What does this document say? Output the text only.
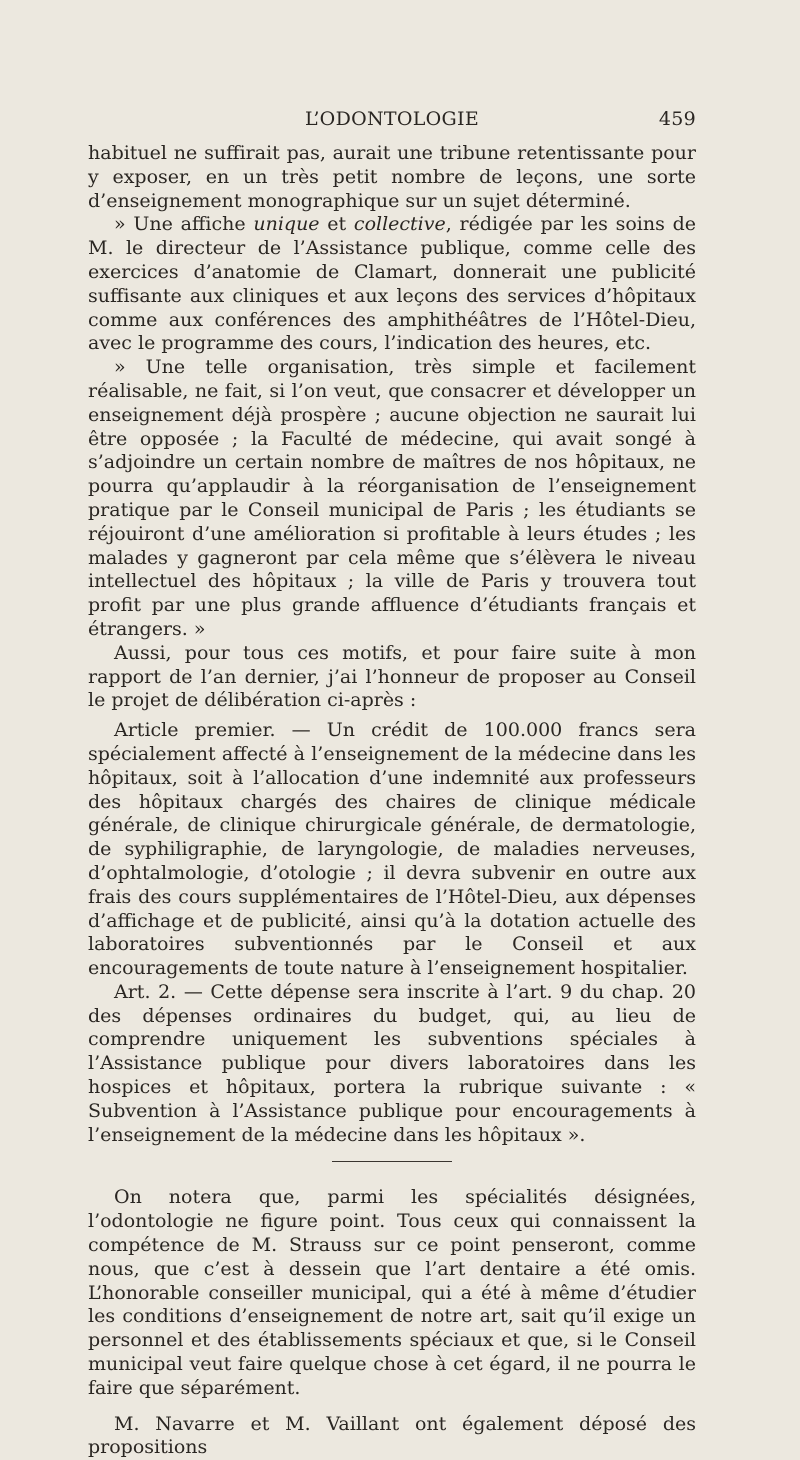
L’ODONTOLOGIE	459

habituel ne suffirait pas, aurait une tribune retentissante pour y exposer, en un très petit nombre de leçons, une sorte d’enseignement monographique sur un sujet déterminé.

» Une affiche unique et collective, rédigée par les soins de M. le directeur de l’Assistance publique, comme celle des exercices d’anatomie de Clamart, donnerait une publicité suffisante aux cliniques et aux leçons des services d’hôpitaux comme aux conférences des amphithéâtres de l’Hôtel-Dieu, avec le programme des cours, l’indication des heures, etc.

» Une telle organisation, très simple et facilement réalisable, ne fait, si l’on veut, que consacrer et développer un enseignement déjà prospère ; aucune objection ne saurait lui être opposée ; la Faculté de médecine, qui avait songé à s’adjoindre un certain nombre de maîtres de nos hôpitaux, ne pourra qu’applaudir à la réorganisation de l’enseignement pratique par le Conseil municipal de Paris ; les étudiants se réjouiront d’une amélioration si profitable à leurs études ; les malades y gagneront par cela même que s’élèvera le niveau intellectuel des hôpitaux ; la ville de Paris y trouvera tout profit par une plus grande affluence d’étudiants français et étrangers. »

Aussi, pour tous ces motifs, et pour faire suite à mon rapport de l’an dernier, j’ai l’honneur de proposer au Conseil le projet de délibération ci-après :

Article premier. — Un crédit de 100.000 francs sera spécialement affecté à l’enseignement de la médecine dans les hôpitaux, soit à l’allocation d’une indemnité aux professeurs des hôpitaux chargés des chaires de clinique médicale générale, de clinique chirurgicale générale, de dermatologie, de syphiligraphie, de laryngologie, de maladies nerveuses, d’ophtalmologie, d’otologie ; il devra subvenir en outre aux frais des cours supplémentaires de l’Hôtel-Dieu, aux dépenses d’affichage et de publicité, ainsi qu’à la dotation actuelle des laboratoires subventionnés par le Conseil et aux encouragements de toute nature à l’enseignement hospitalier.

Art. 2. — Cette dépense sera inscrite à l’art. 9 du chap. 20 des dépenses ordinaires du budget, qui, au lieu de comprendre uniquement les subventions spéciales à l’Assistance publique pour divers laboratoires dans les hospices et hôpitaux, portera la rubrique suivante : « Subvention à l’Assistance publique pour encouragements à l’enseignement de la médecine dans les hôpitaux ».

On notera que, parmi les spécialités désignées, l’odontologie ne figure point. Tous ceux qui connaissent la compétence de M. Strauss sur ce point penseront, comme nous, que c’est à dessein que l’art dentaire a été omis. L’honorable conseiller municipal, qui a été à même d’étudier les conditions d’enseignement de notre art, sait qu’il exige un personnel et des établissements spéciaux et que, si le Conseil municipal veut faire quelque chose à cet égard, il ne pourra le faire que séparément.

M. Navarre et M. Vaillant ont également déposé des propositions
